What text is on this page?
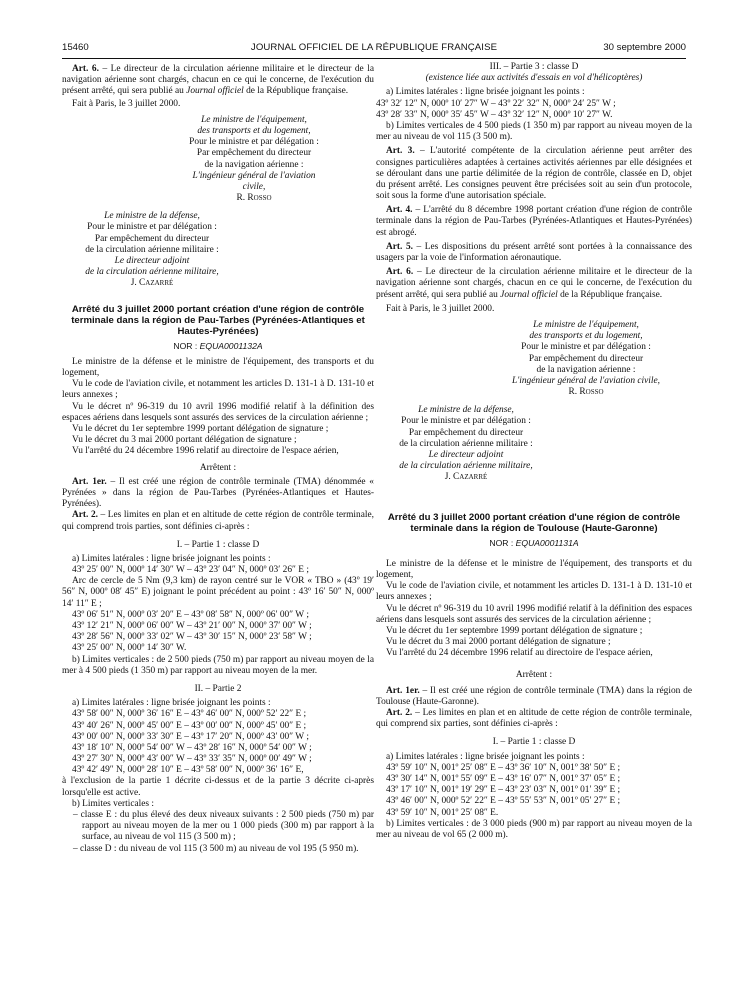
15460	JOURNAL OFFICIEL DE LA RÉPUBLIQUE FRANÇAISE	30 septembre 2000

Art. 6. – Le directeur de la circulation aérienne militaire et le directeur de la navigation aérienne sont chargés, chacun en ce qui le concerne, de l'exécution du présent arrêté, qui sera publié au Journal officiel de la République française.

Fait à Paris, le 3 juillet 2000.

Le ministre de l'équipement,

des transports et du logement,

Pour le ministre et par délégation :

Par empêchement du directeur

de la navigation aérienne :

L'ingénieur général de l'aviation civile,

R. Rosso

Le ministre de la défense,

Pour le ministre et par délégation :

Par empêchement du directeur

de la circulation aérienne militaire :

Le directeur adjoint

de la circulation aérienne militaire,

J. Cazarré

Arrêté du 3 juillet 2000 portant création d'une région de contrôle terminale dans la région de Pau-Tarbes (Pyrénées-Atlantiques et Hautes-Pyrénées)
NOR : EQUA0001132A

Le ministre de la défense et le ministre de l'équipement, des transports et du logement,

Vu le code de l'aviation civile, et notamment les articles D. 131-1 à D. 131-10 et leurs annexes ;

Vu le décret nº 96-319 du 10 avril 1996 modifié relatif à la définition des espaces aériens dans lesquels sont assurés des services de la circulation aérienne ;

Vu le décret du 1er septembre 1999 portant délégation de signature ;

Vu le décret du 3 mai 2000 portant délégation de signature ;

Vu l'arrêté du 24 décembre 1996 relatif au directoire de l'espace aérien,

Arrêtent :

Art. 1er. – Il est créé une région de contrôle terminale (TMA) dénommée « Pyrénées » dans la région de Pau-Tarbes (Pyrénées-Atlantiques et Hautes-Pyrénées).

Art. 2. – Les limites en plan et en altitude de cette région de contrôle terminale, qui comprend trois parties, sont définies ci-après :

I. – Partie 1 : classe D

a) Limites latérales : ligne brisée joignant les points :

43º 25′ 00″ N, 000º 14′ 30″ W – 43º 23′ 04″ N, 000º 03′ 26″ E ;

Arc de cercle de 5 Nm (9,3 km) de rayon centré sur le VOR « TBO » (43º 19′ 56″ N, 000º 08′ 45″ E) joignant le point précédent au point : 43º 16′ 50″ N, 000º 14′ 11″ E ;

43º 06′ 51″ N, 000º 03′ 20″ E – 43º 08′ 58″ N, 000º 06′ 00″ W ;

43º 12′ 21″ N, 000º 06′ 00″ W – 43º 21′ 00″ N, 000º 37′ 00″ W ;

43º 28′ 56″ N, 000º 33′ 02″ W – 43º 30′ 15″ N, 000º 23′ 58″ W ;

43º 25′ 00″ N, 000º 14′ 30″ W.

b) Limites verticales : de 2 500 pieds (750 m) par rapport au niveau moyen de la mer à 4 500 pieds (1 350 m) par rapport au niveau moyen de la mer.

II. – Partie 2

a) Limites latérales : ligne brisée joignant les points :

43º 58′ 00″ N, 000º 36′ 16″ E – 43º 46′ 00″ N, 000º 52′ 22″ E ;

43º 40′ 26″ N, 000º 45′ 00″ E – 43º 00′ 00″ N, 000º 45′ 00″ E ;

43º 00′ 00″ N, 000º 33′ 30″ E – 43º 17′ 20″ N, 000º 43′ 00″ W ;

43º 18′ 10″ N, 000º 54′ 00″ W – 43º 28′ 16″ N, 000º 54′ 00″ W ;

43º 27′ 30″ N, 000º 43′ 00″ W – 43º 33′ 35″ N, 000º 00′ 49″ W ;

43º 42′ 49″ N, 000º 28′ 10″ E – 43º 58′ 00″ N, 000º 36′ 16″ E,

à l'exclusion de la partie 1 décrite ci-dessus et de la partie 3 décrite ci-après lorsqu'elle est active.

b) Limites verticales :

– classe E : du plus élevé des deux niveaux suivants : 2 500 pieds (750 m) par rapport au niveau moyen de la mer ou 1 000 pieds (300 m) par rapport à la surface, au niveau de vol 115 (3 500 m) ;

– classe D : du niveau de vol 115 (3 500 m) au niveau de vol 195 (5 950 m).

III. – Partie 3 : classe D

(existence liée aux activités d'essais en vol d'hélicoptères)

a) Limites latérales : ligne brisée joignant les points :

43º 32′ 12″ N, 000º 10′ 27″ W – 43º 22′ 32″ N, 000º 24′ 25″ W ;

43º 28′ 33″ N, 000º 35′ 45″ W – 43º 32′ 12″ N, 000º 10′ 27″ W.

b) Limites verticales de 4 500 pieds (1 350 m) par rapport au niveau moyen de la mer au niveau de vol 115 (3 500 m).

Art. 3. – L'autorité compétente de la circulation aérienne peut arrêter des consignes particulières adaptées à certaines activités aériennes par elle désignées et se déroulant dans une partie délimitée de la région de contrôle, classée en D, objet du présent arrêté. Les consignes peuvent être précisées soit au sein d'un protocole, soit sous la forme d'une autorisation spéciale.

Art. 4. – L'arrêté du 8 décembre 1998 portant création d'une région de contrôle terminale dans la région de Pau-Tarbes (Pyrénées-Atlantiques et Hautes-Pyrénées) est abrogé.

Art. 5. – Les dispositions du présent arrêté sont portées à la connaissance des usagers par la voie de l'information aéronautique.

Art. 6. – Le directeur de la circulation aérienne militaire et le directeur de la navigation aérienne sont chargés, chacun en ce qui le concerne, de l'exécution du présent arrêté, qui sera publié au Journal officiel de la République française.

Fait à Paris, le 3 juillet 2000.

Le ministre de l'équipement,

des transports et du logement,

Pour le ministre et par délégation :

Par empêchement du directeur

de la navigation aérienne :

L'ingénieur général de l'aviation civile,

R. Rosso

Le ministre de la défense,

Pour le ministre et par délégation :

Par empêchement du directeur

de la circulation aérienne militaire :

Le directeur adjoint

de la circulation aérienne militaire,

J. Cazarré

Arrêté du 3 juillet 2000 portant création d'une région de contrôle terminale dans la région de Toulouse (Haute-Garonne)
NOR : EQUA0001131A

Le ministre de la défense et le ministre de l'équipement, des transports et du logement,

Vu le code de l'aviation civile, et notamment les articles D. 131-1 à D. 131-10 et leurs annexes ;

Vu le décret nº 96-319 du 10 avril 1996 modifié relatif à la définition des espaces aériens dans lesquels sont assurés des services de la circulation aérienne ;

Vu le décret du 1er septembre 1999 portant délégation de signature ;

Vu le décret du 3 mai 2000 portant délégation de signature ;

Vu l'arrêté du 24 décembre 1996 relatif au directoire de l'espace aérien,

Arrêtent :

Art. 1er. – Il est créé une région de contrôle terminale (TMA) dans la région de Toulouse (Haute-Garonne).

Art. 2. – Les limites en plan et en altitude de cette région de contrôle terminale, qui comprend six parties, sont définies ci-après :

I. – Partie 1 : classe D

a) Limites latérales : ligne brisée joignant les points :

43º 59′ 10″ N, 001º 25′ 08″ E – 43º 36′ 10″ N, 001º 38′ 50″ E ;

43º 30′ 14″ N, 001º 55′ 09″ E – 43º 16′ 07″ N, 001º 37′ 05″ E ;

43º 17′ 10″ N, 001º 19′ 29″ E – 43º 23′ 03″ N, 001º 01′ 39″ E ;

43º 46′ 00″ N, 000º 52′ 22″ E – 43º 55′ 53″ N, 001º 05′ 27″ E ;

43º 59′ 10″ N, 001º 25′ 08″ E.

b) Limites verticales : de 3 000 pieds (900 m) par rapport au niveau moyen de la mer au niveau de vol 65 (2 000 m).
